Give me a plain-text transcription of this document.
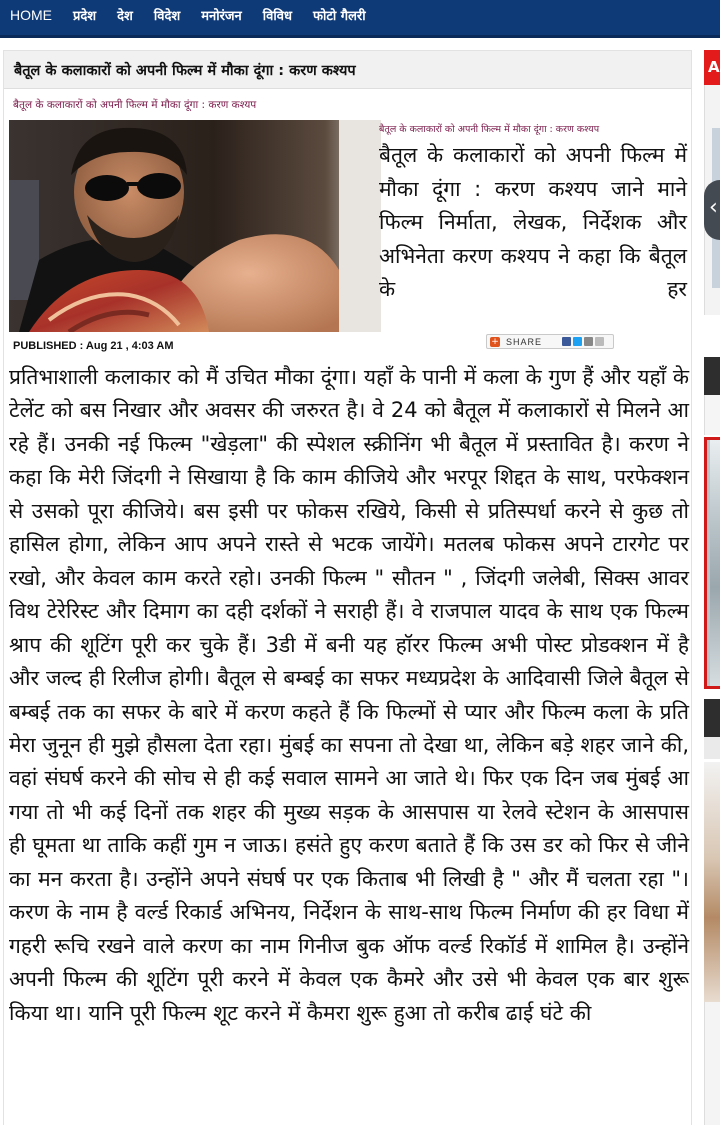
HOME प्रदेश देश विदेश मनोरंजन विविध फोटो गैलरी
बैतूल के कलाकारों को अपनी फिल्म में मौका दूंगा : करण कश्यप
बैतूल के कलाकारों को अपनी फिल्म में मौका दूंगा : करण कश्यप
बैतूल के कलाकारों को अपनी फिल्म में मौका दूंगा : करण कश्यप
बैतूल के कलाकारों को अपनी फिल्म में मौका दूंगा : करण कश्यप जाने माने फिल्म निर्माता, लेखक, निर्देशक और अभिनेता करण कश्यप ने कहा कि बैतूल के हर
PUBLISHED : Aug 21 , 4:03 AM	+ SHARE
प्रतिभाशाली कलाकार को मैं उचित मौका दूंगा। यहाँ के पानी में कला के गुण हैं और यहाँ के टेलेंट को बस निखार और अवसर की जरुरत है। वे 24 को बैतूल में कलाकारों से मिलने आ रहे हैं। उनकी नई फिल्म "खेड़ला" की स्पेशल स्क्रीनिंग भी बैतूल में प्रस्तावित है। करण ने कहा कि मेरी जिंदगी ने सिखाया है कि काम कीजिये और भरपूर शिद्दत के साथ, परफेक्शन से उसको पूरा कीजिये। बस इसी पर फोकस रखिये, किसी से प्रतिस्पर्धा करने से कुछ तो हासिल होगा, लेकिन आप अपने रास्ते से भटक जायेंगे। मतलब फोकस अपने टारगेट पर रखो, और केवल काम करते रहो। उनकी फिल्म " सौतन " , जिंदगी जलेबी, सिक्स आवर विथ टेरेरिस्ट और दिमाग का दही दर्शकों ने सराही हैं। वे राजपाल यादव के साथ एक फिल्म श्राप की शूटिंग पूरी कर चुके हैं। 3डी में बनी यह हॉरर फिल्म अभी पोस्ट प्रोडक्शन में है और जल्द ही रिलीज होगी। बैतूल से बम्बई का सफर मध्यप्रदेश के आदिवासी जिले बैतूल से बम्बई तक का सफर के बारे में करण कहते हैं कि फिल्मों से प्यार और फिल्म कला के प्रति मेरा जुनून ही मुझे हौसला देता रहा। मुंबई का सपना तो देखा था, लेकिन बड़े शहर जाने की, वहां संघर्ष करने की सोच से ही कई सवाल सामने आ जाते थे। फिर एक दिन जब मुंबई आ गया तो भी कई दिनों तक शहर की मुख्य सड़क के आसपास या रेलवे स्टेशन के आसपास ही घूमता था ताकि कहीं गुम न जाऊ। हसंते हुए करण बताते हैं कि उस डर को फिर से जीने का मन करता है। उन्होंने अपने संघर्ष पर एक किताब भी लिखी है " और मैं चलता रहा "। करण के नाम है वर्ल्ड रिकार्ड अभिनय, निर्देशन के साथ-साथ फिल्म निर्माण की हर विधा में गहरी रूचि रखने वाले करण का नाम गिनीज बुक ऑफ वर्ल्ड रिकॉर्ड में शामिल है। उन्होंने अपनी फिल्म की शूटिंग पूरी करने में केवल एक कैमरे और उसे भी केवल एक बार शुरू किया था। यानि पूरी फिल्म शूट करने में कैमरा शुरू हुआ तो करीब ढाई घंटे की
A
‹
